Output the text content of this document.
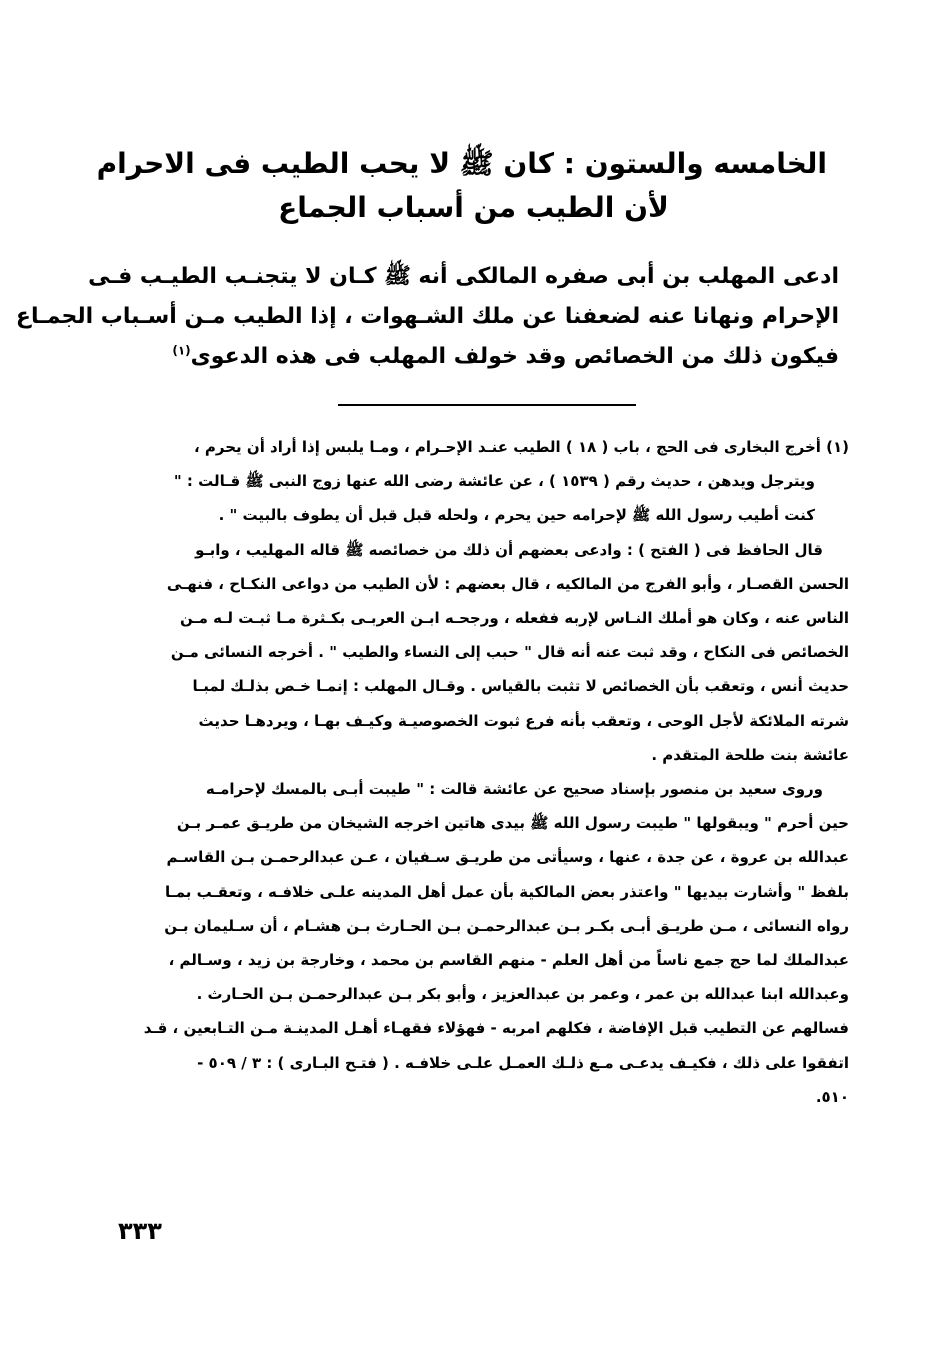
الخامسه والستون : كان ﷺ لا يحب الطيب فى الاحرام
لأن الطيب من أسباب الجماع
ادعى المهلب بن أبى صفره المالكى أنه ﷺ كـان لا يتجنـب الطيـب فـى
الإحرام ونهانا عنه لضعفنا عن ملك الشـهوات ، إذا الطيب مـن أسـباب الجمـاع
فيكون ذلك من الخصائص وقد خولف المهلب فى هذه الدعوى$^{(١)}$
(١) أخرج البخارى فى الحج ، باب ( ١٨ ) الطيب عنـد الإحـرام ، ومـا يلبس إذا أراد أن يحرم ،
ويترجل ويدهن ، حديث رقم ( ١٥٣٩ ) ، عن عائشة رضى الله عنها زوج النبى ﷺ قـالت : "
كنت أطيب رسول الله ﷺ لإحرامه حين يحرم ، ولحله قبل قبل أن يطوف بالبيت " .
قال الحافظ فى ( الفتح ) : وادعى بعضهم أن ذلك من خصائصه ﷺ قاله المهليب ، وابـو
الحسن القصـار ، وأبو الفرج من المالكيه ، قال بعضهم : لأن الطيب من دواعى النكـاح ، فنهـى
الناس عنه ، وكان هو أملك النـاس لإربه ففعله ، ورجحـه ابـن العربـى بكـثرة مـا ثبـت لـه مـن
الخصائص فى النكاح ، وقد ثبت عنه أنه قال " حبب إلى النساء والطيب " . أخرجه النسائى مـن
حديث أنس ، وتعقب بأن الخصائص لا تثبت بالقياس . وقـال المهلب : إنمـا خـص بذلـك لمبـا
شرته الملائكة لأجل الوحى ، وتعقب بأنه فرع ثبوت الخصوصيـة وكيـف بهـا ، ويردهـا حديث
عائشة بنت طلحة المتقدم .
وروى سعيد بن منصور بإسناد صحيح عن عائشة قالت : " طيبت أبـى بالمسك لإحرامـه
حين أحرم " ويبقولها " طيبت رسول الله ﷺ بيدى هاتين اخرجه الشيخان من طريـق عمـر بـن
عبدالله بن عروة ، عن جدة ، عنها ، وسيأتى من طريـق سـفيان ، عـن عبدالرحمـن بـن القاسـم
بلفظ " وأشارت بيديها " واعتذر بعض المالكية بأن عمل أهل المدينه علـى خلافـه ، وتعقـب بمـا
رواه النسائى ، مـن طريـق أبـى بكـر بـن عبدالرحمـن بـن الحـارث بـن هشـام ، أن سـليمان بـن
عبدالملك لما حج جمع ناساً من أهل العلم - منهم القاسم بن محمد ، وخارجة بن زيد ، وسـالم ،
وعبدالله ابنا عبدالله بن عمر ، وعمر بن عبدالعزيز ، وأبو بكر بـن عبدالرحمـن بـن الحـارث .
فسالهم عن التطيب قبل الإفاضة ، فكلهم امربه - فهؤلاء فقهـاء أهـل المدينـة مـن التـابعين ، قـد
اتفقوا على ذلك ، فكيـف يدعـى مـع ذلـك العمـل علـى خلافـه . ( فتـح البـارى ) : ٣ / ٥٠٩ -
٥١٠.
٣٣٣
